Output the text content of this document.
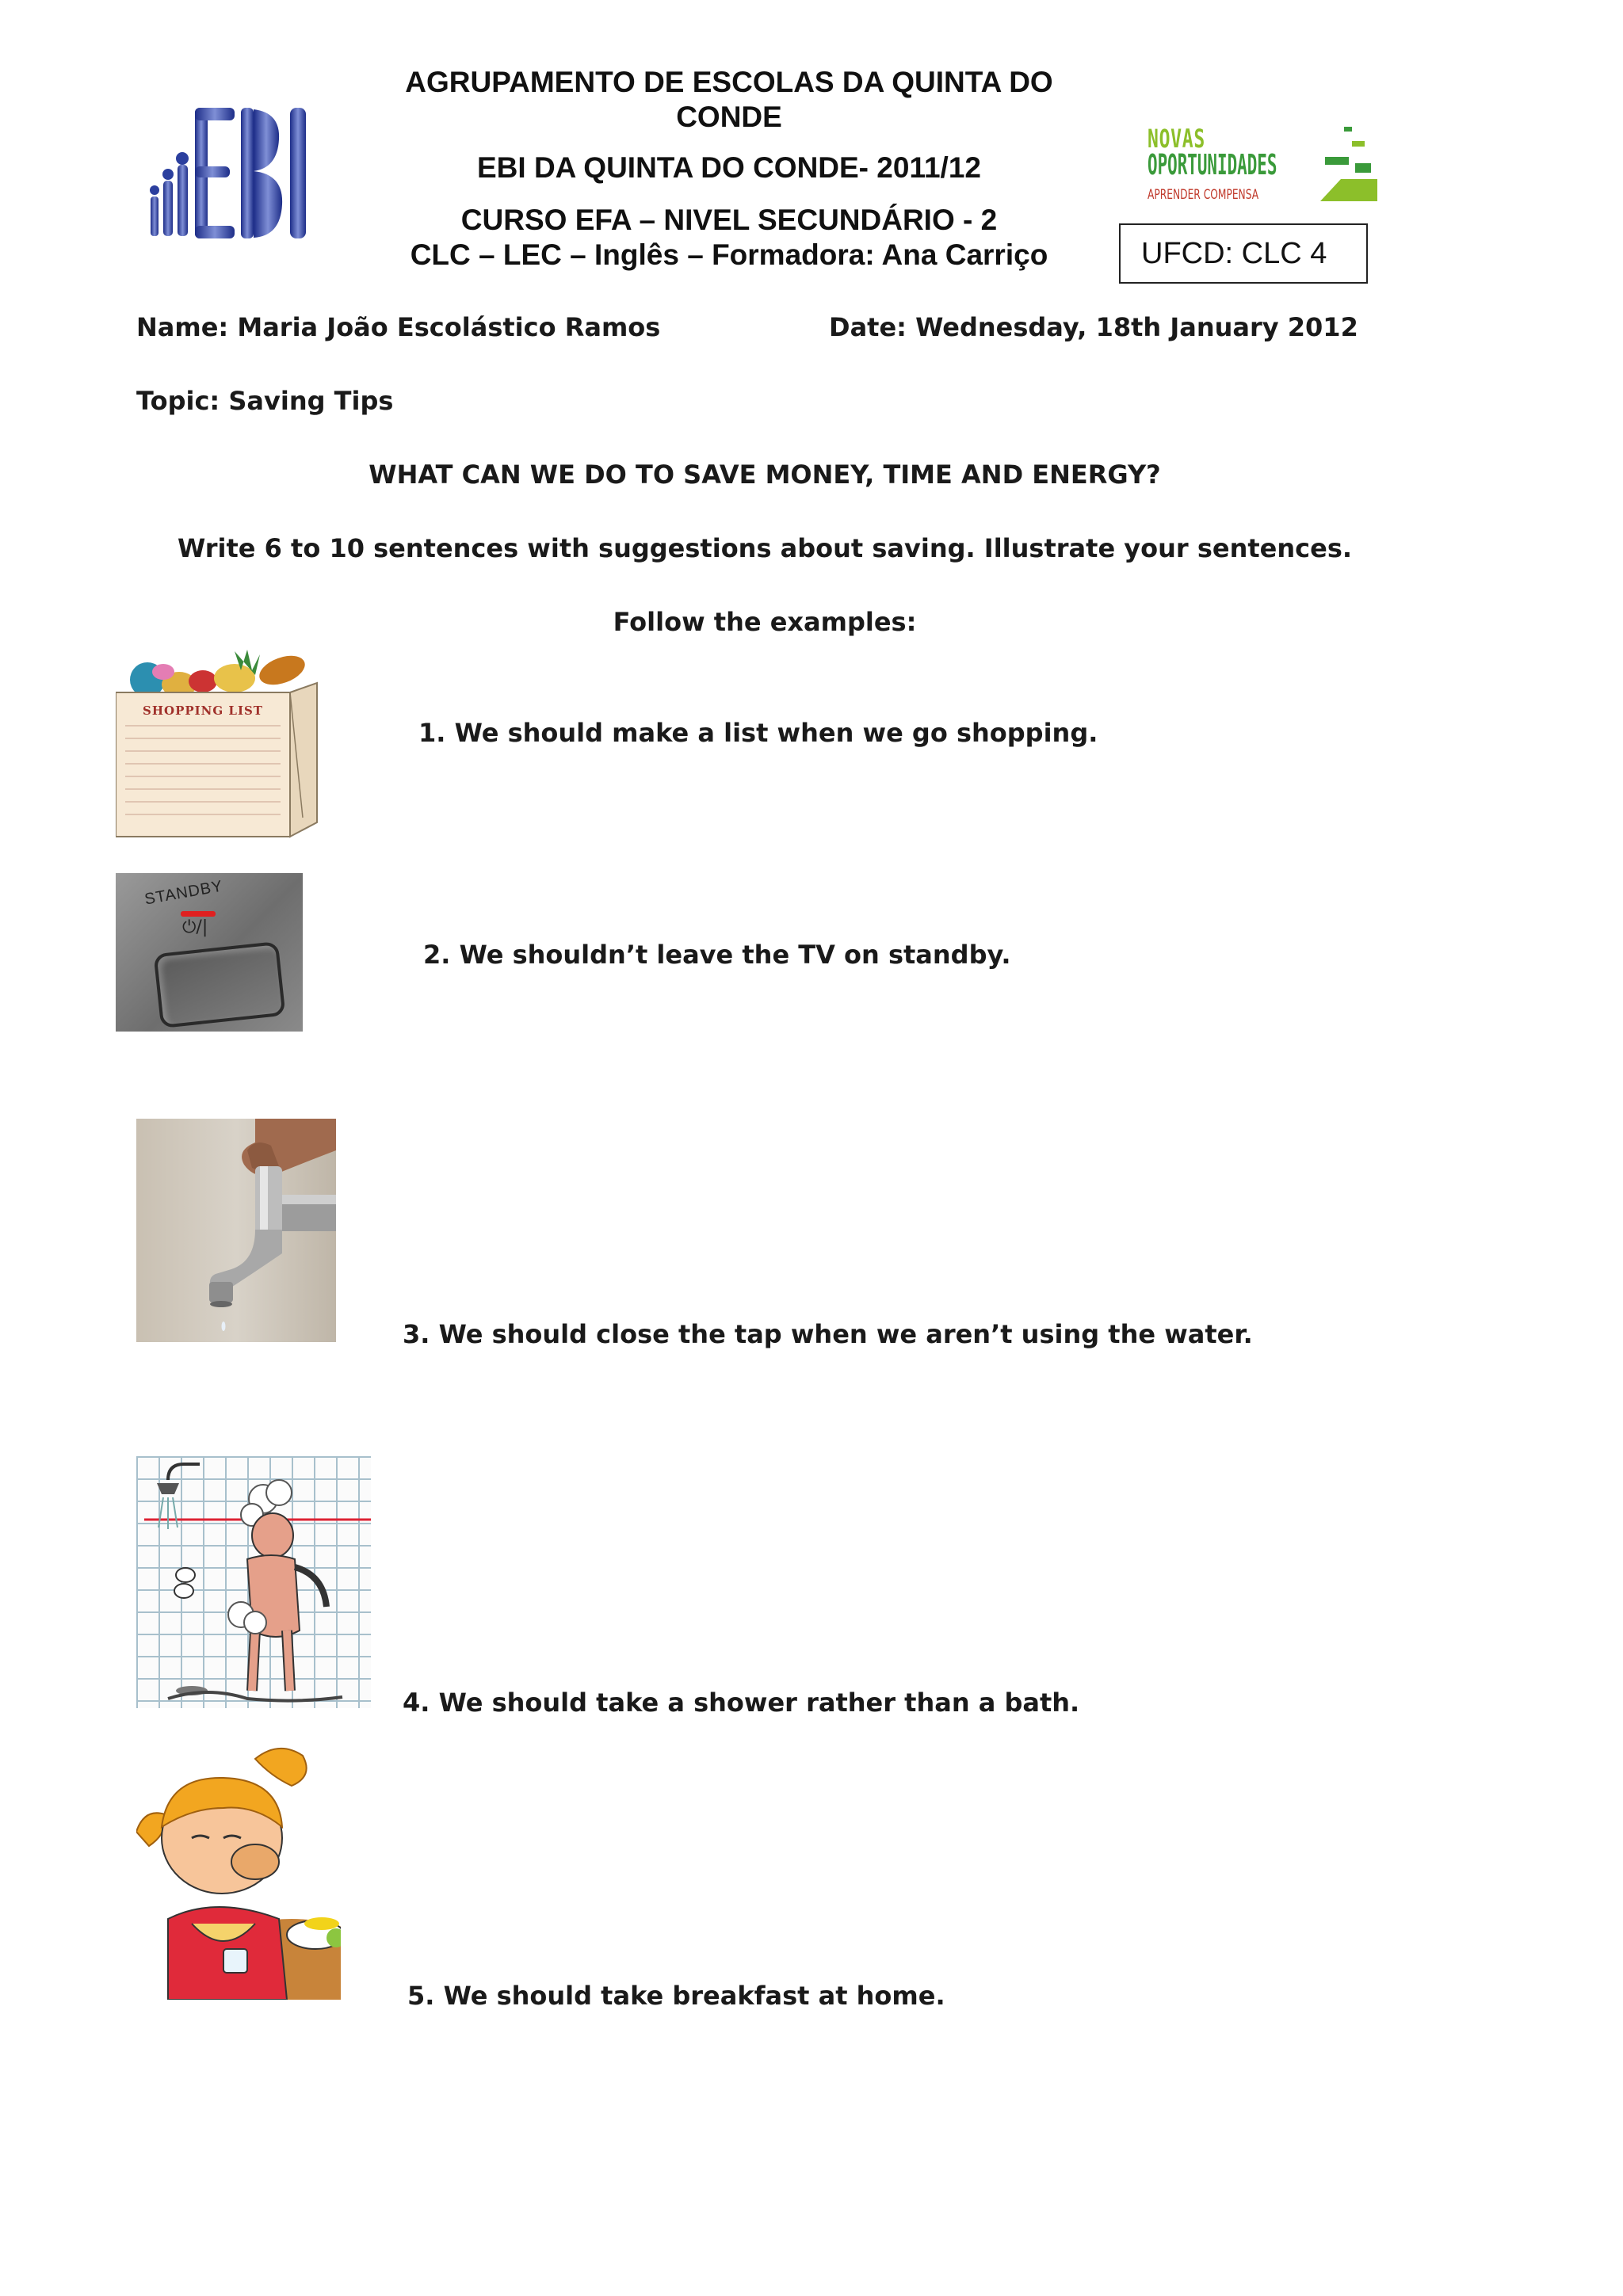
EBI
AGRUPAMENTO DE ESCOLAS DA QUINTA DO
CONDE
EBI DA QUINTA DO CONDE- 2011/12
CURSO EFA – NIVEL SECUNDÁRIO - 2
CLC – LEC – Inglês – Formadora: Ana Carriço
NOVAS
OPORTUNIDADES
APRENDER COMPENSA
UFCD: CLC 4
Name: Maria João Escolástico Ramos	Date: Wednesday, 18th January 2012
Topic: Saving Tips
WHAT CAN WE DO TO SAVE MONEY, TIME AND ENERGY?
Write 6 to 10 sentences with suggestions about saving. Illustrate your sentences.
Follow the examples:
SHOPPING LIST
1. We should make a list when we go shopping.
STANDBY
⏻/|
2. We shouldn’t leave the TV on standby.
3. We should close the tap when we aren’t using the water.
4. We should take a shower rather than a bath.
5. We should take breakfast at home.
